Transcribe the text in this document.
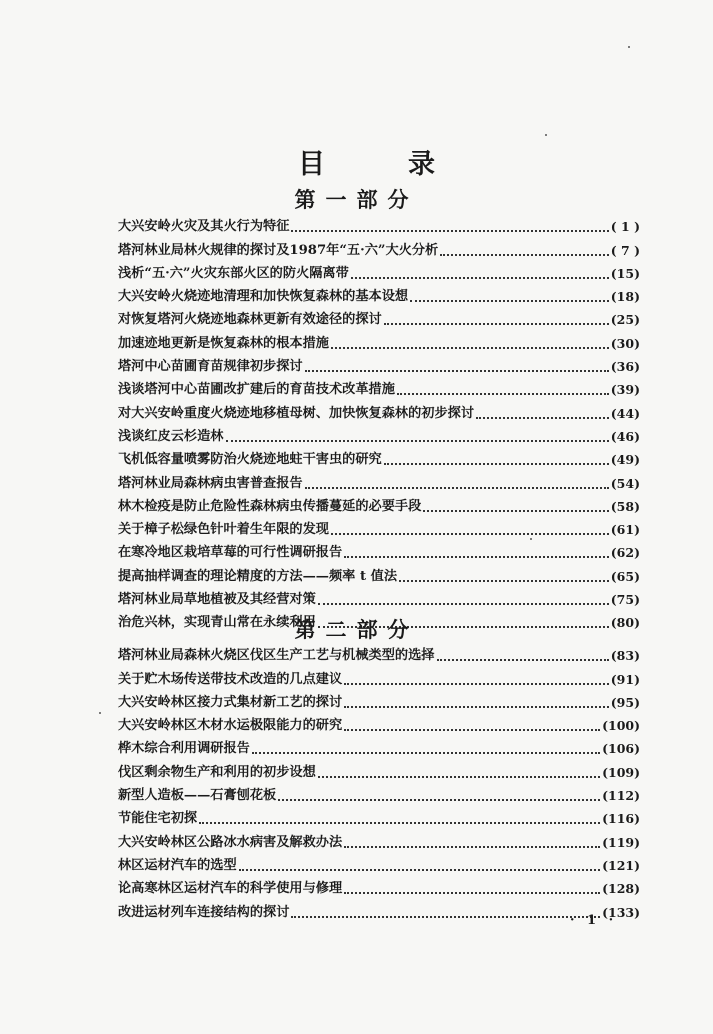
目	录
第一部分
大兴安岭火灾及其火行为特征	( 1 )
塔河林业局林火规律的探讨及1987年“五·六”大火分析	( 7 )
浅析“五·六”火灾东部火区的防火隔离带	(15)
大兴安岭火烧迹地清理和加快恢复森林的基本设想	(18)
对恢复塔河火烧迹地森林更新有效途径的探讨	(25)
加速迹地更新是恢复森林的根本措施	(30)
塔河中心苗圃育苗规律初步探讨	(36)
浅谈塔河中心苗圃改扩建后的育苗技术改革措施	(39)
对大兴安岭重度火烧迹地移植母树、加快恢复森林的初步探讨	(44)
浅谈红皮云杉造林	(46)
飞机低容量喷雾防治火烧迹地蛀干害虫的研究	(49)
塔河林业局森林病虫害普查报告	(54)
林木检疫是防止危险性森林病虫传播蔓延的必要手段	(58)
关于樟子松绿色针叶着生年限的发现	(61)
在寒冷地区栽培草莓的可行性调研报告	(62)
提高抽样调查的理论精度的方法——频率 t 值法	(65)
塔河林业局草地植被及其经营对策	(75)
治危兴林，实现青山常在永续利用	(80)
第二部分
塔河林业局森林火烧区伐区生产工艺与机械类型的选择	(83)
关于贮木场传送带技术改造的几点建议	(91)
大兴安岭林区接力式集材新工艺的探讨	(95)
大兴安岭林区木材水运极限能力的研究	(100)
桦木综合利用调研报告	(106)
伐区剩余物生产和利用的初步设想	(109)
新型人造板——石膏刨花板	(112)
节能住宅初探	(116)
大兴安岭林区公路冰水病害及解救办法	(119)
林区运材汽车的选型	(121)
论高寒林区运材汽车的科学使用与修理	(128)
改进运材列车连接结构的探讨	(133)
· 1 ·
